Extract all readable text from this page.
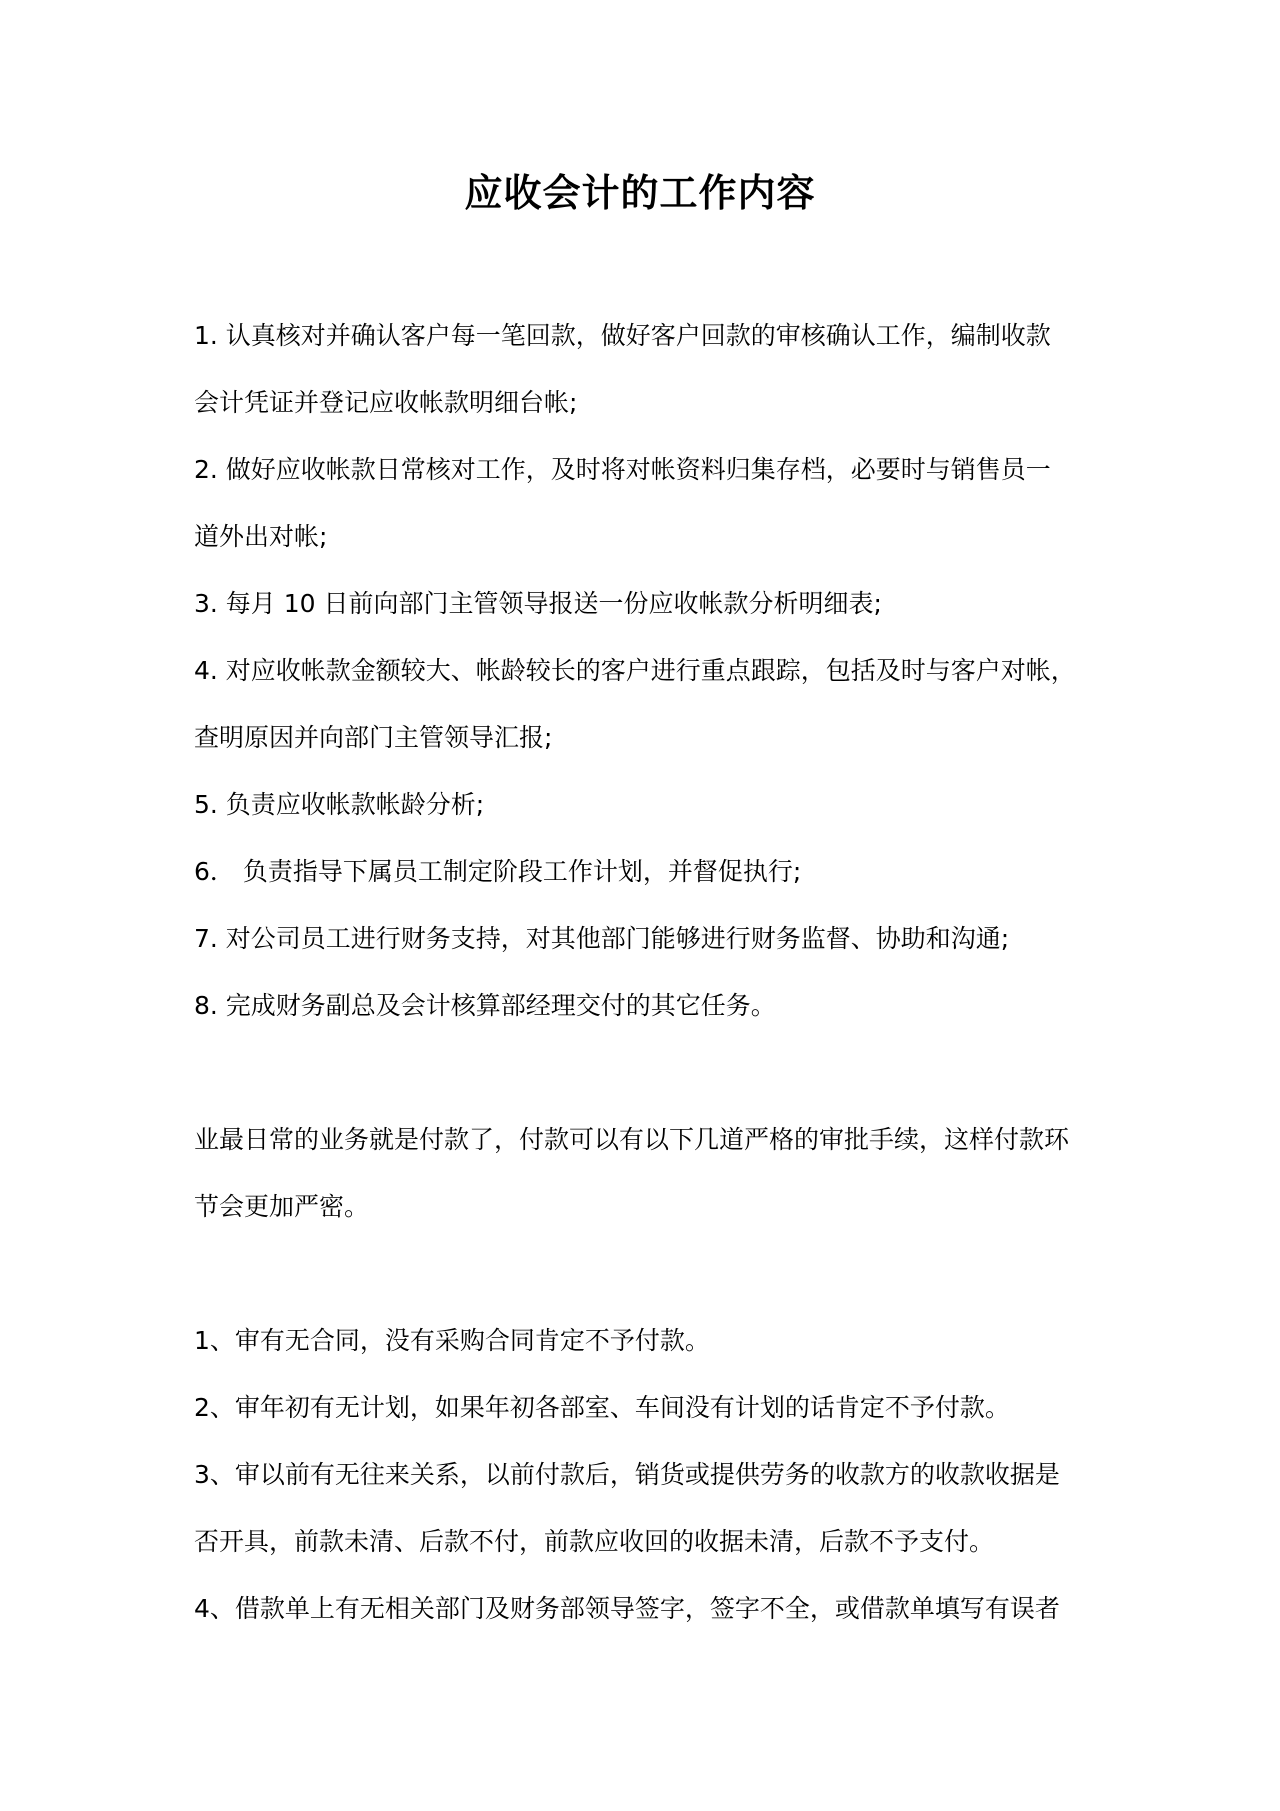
应收会计的工作内容

1. 认真核对并确认客户每一笔回款，做好客户回款的审核确认工作，编制收款

会计凭证并登记应收帐款明细台帐;

2. 做好应收帐款日常核对工作，及时将对帐资料归集存档，必要时与销售员一

道外出对帐;

3. 每月 10 日前向部门主管领导报送一份应收帐款分析明细表;

4. 对应收帐款金额较大、帐龄较长的客户进行重点跟踪，包括及时与客户对帐，

查明原因并向部门主管领导汇报;

5. 负责应收帐款帐龄分析;

6． 负责指导下属员工制定阶段工作计划，并督促执行;

7. 对公司员工进行财务支持，对其他部门能够进行财务监督、协助和沟通;

8. 完成财务副总及会计核算部经理交付的其它任务。

业最日常的业务就是付款了，付款可以有以下几道严格的审批手续，这样付款环

节会更加严密。

1、审有无合同，没有采购合同肯定不予付款。

2、审年初有无计划，如果年初各部室、车间没有计划的话肯定不予付款。

3、审以前有无往来关系，以前付款后，销货或提供劳务的收款方的收款收据是

否开具，前款未清、后款不付，前款应收回的收据未清，后款不予支付。

4、借款单上有无相关部门及财务部领导签字，签字不全，或借款单填写有误者
